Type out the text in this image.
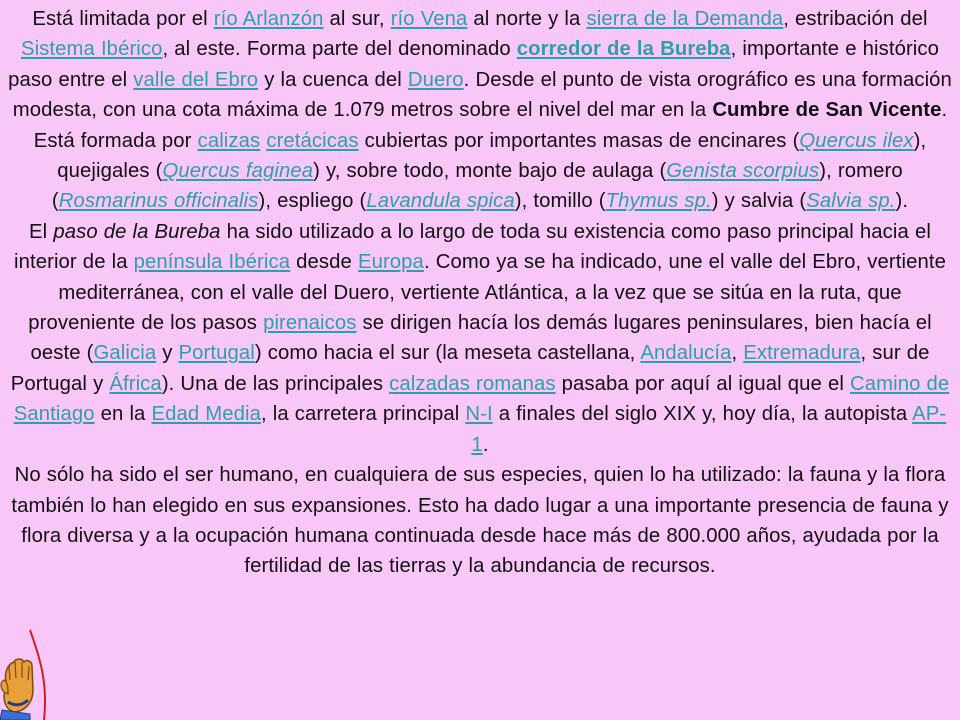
Está limitada por el río Arlanzón al sur, río Vena al norte y la sierra de la Demanda, estribación del Sistema Ibérico, al este. Forma parte del denominado corredor de la Bureba, importante e histórico paso entre el valle del Ebro y la cuenca del Duero. Desde el punto de vista orográfico es una formación modesta, con una cota máxima de 1.079 metros sobre el nivel del mar en la Cumbre de San Vicente. Está formada por calizas cretácicas cubiertas por importantes masas de encinares (Quercus ilex), quejigales (Quercus faginea) y, sobre todo, monte bajo de aulaga (Genista scorpius), romero (Rosmarinus officinalis), espliego (Lavandula spica), tomillo (Thymus sp.) y salvia (Salvia sp.).

El paso de la Bureba ha sido utilizado a lo largo de toda su existencia como paso principal hacia el interior de la península Ibérica desde Europa. Como ya se ha indicado, une el valle del Ebro, vertiente mediterránea, con el valle del Duero, vertiente Atlántica, a la vez que se sitúa en la ruta, que proveniente de los pasos pirenaicos se dirigen hacía los demás lugares peninsulares, bien hacía el oeste (Galicia y Portugal) como hacia el sur (la meseta castellana, Andalucía, Extremadura, sur de Portugal y África). Una de las principales calzadas romanas pasaba por aquí al igual que el Camino de Santiago en la Edad Media, la carretera principal N-I a finales del siglo XIX y, hoy día, la autopista AP-1.

No sólo ha sido el ser humano, en cualquiera de sus especies, quien lo ha utilizado: la fauna y la flora también lo han elegido en sus expansiones. Esto ha dado lugar a una importante presencia de fauna y flora diversa y a la ocupación humana continuada desde hace más de 800.000 años, ayudada por la fertilidad de las tierras y la abundancia de recursos.
